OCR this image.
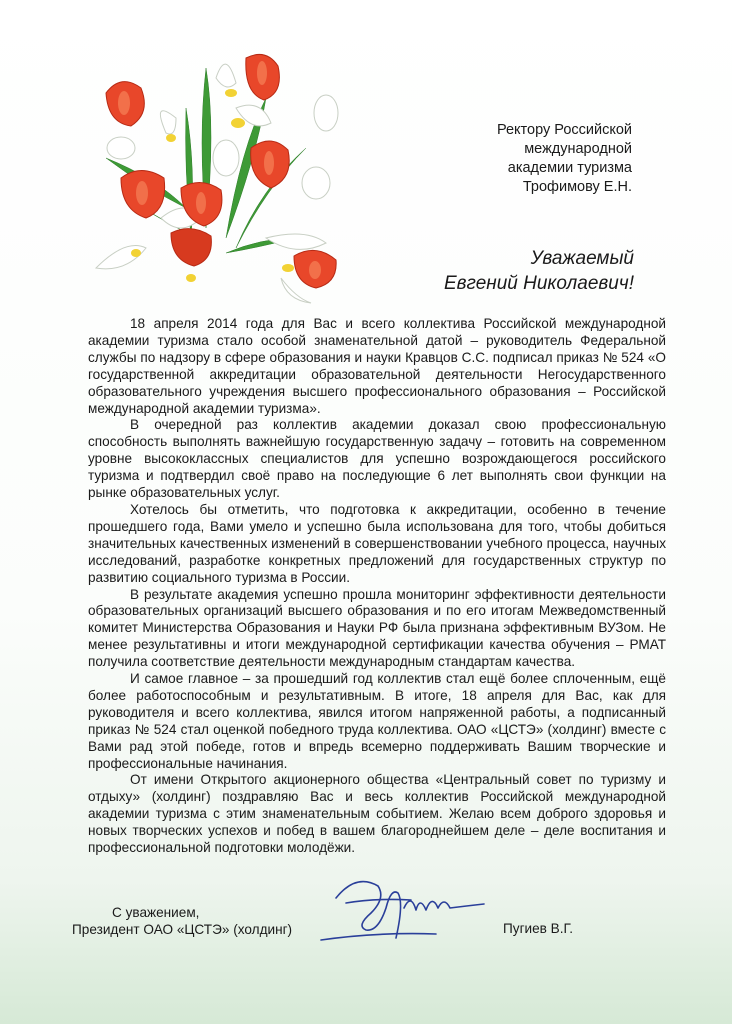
Ректору Российской
международной
академии туризма
Трофимову Е.Н.
Уважаемый
Евгений Николаевич!

18 апреля 2014 года для Вас и всего коллектива Российской международной академии туризма стало особой знаменательной датой – руководитель Федеральной службы по надзору в сфере образования и науки Кравцов С.С. подписал приказ № 524 «О государственной аккредитации образовательной деятельности Негосударственного образовательного учреждения высшего профессионального образования – Российской международной академии туризма».

В очередной раз коллектив академии доказал свою профессиональную способность выполнять важнейшую государственную задачу – готовить на современном уровне высококлассных специалистов для успешно возрождающегося российского туризма и подтвердил своё право на последующие 6 лет выполнять свои функции на рынке образовательных услуг.

Хотелось бы отметить, что подготовка к аккредитации, особенно в течение прошедшего года, Вами умело и успешно была использована для того, чтобы добиться значительных качественных изменений в совершенствовании учебного процесса, научных исследований, разработке конкретных предложений для государственных структур по развитию социального туризма в России.

В результате академия успешно прошла мониторинг эффективности деятельности образовательных организаций высшего образования и по его итогам Межведомственный комитет Министерства Образования и Науки РФ была признана эффективным ВУЗом. Не менее результативны и итоги международной сертификации качества обучения – РМАТ получила соответствие деятельности международным стандартам качества.

И самое главное – за прошедший год коллектив стал ещё более сплоченным, ещё более работоспособным и результативным. В итоге, 18 апреля для Вас, как для руководителя и всего коллектива, явился итогом напряженной работы, а подписанный приказ № 524 стал оценкой победного труда коллектива. ОАО «ЦСТЭ» (холдинг) вместе с Вами рад этой победе, готов и впредь всемерно поддерживать Вашим творческие и профессиональные начинания.

От имени Открытого акционерного общества «Центральный совет по туризму и отдыху» (холдинг) поздравляю Вас и весь коллектив Российской международной академии туризма с этим знаменательным событием. Желаю всем доброго здоровья и новых творческих успехов и побед в вашем благороднейшем деле – деле воспитания и профессиональной подготовки молодёжи.

С уважением,
Президент ОАО «ЦСТЭ» (холдинг)	Пугиев В.Г.
